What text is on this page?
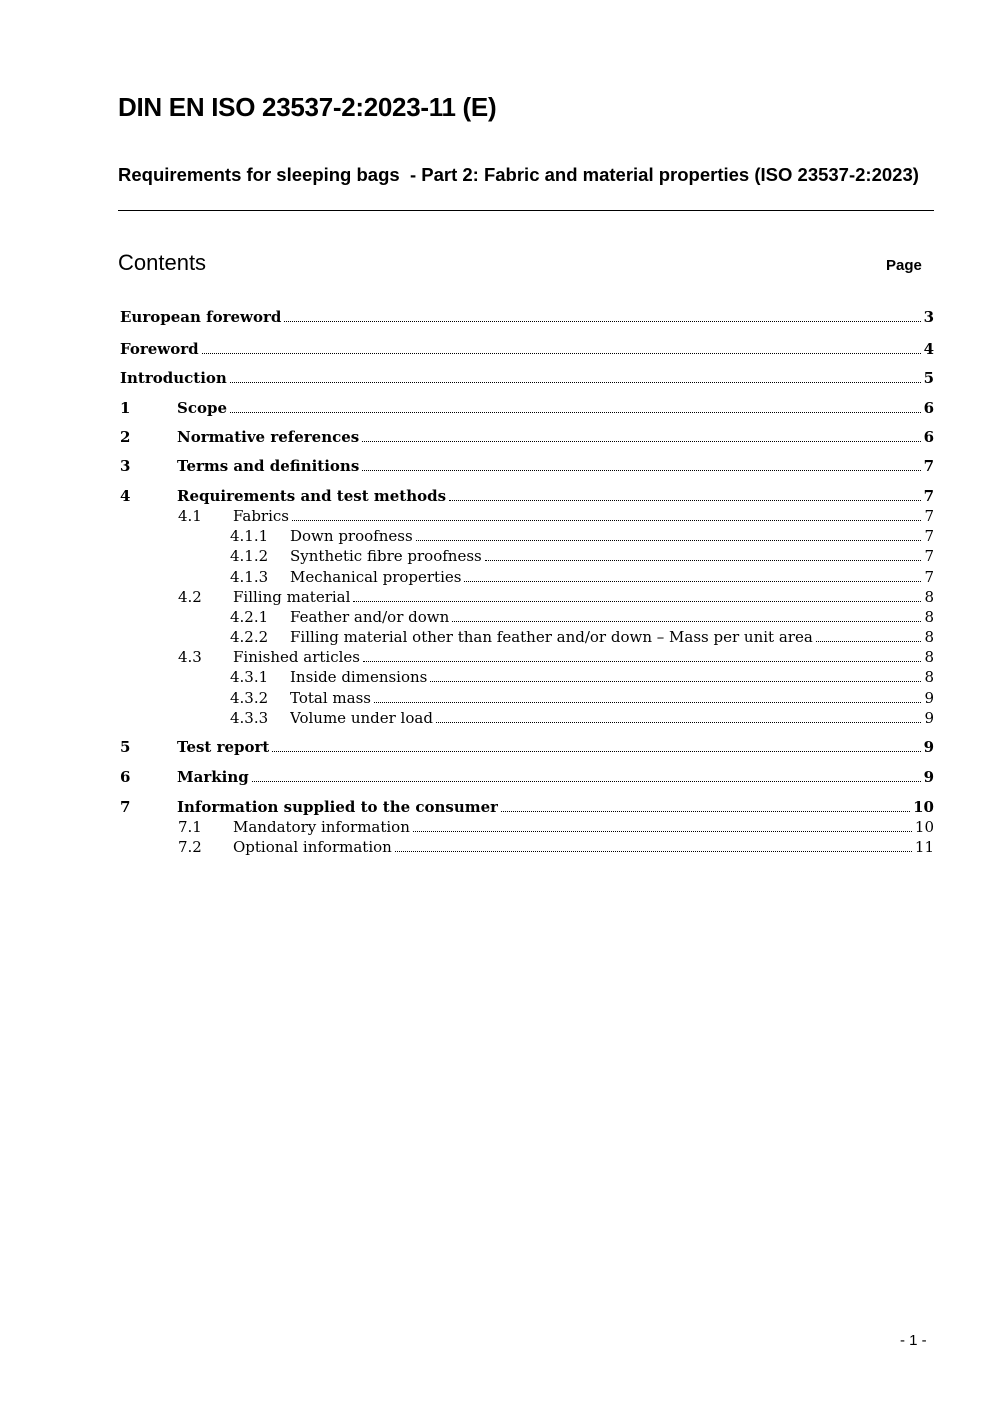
DIN EN ISO 23537-2:2023-11 (E)
Requirements for sleeping bags  - Part 2: Fabric and material properties (ISO 23537-2:2023)
Contents	Page
European foreword	3
Foreword	4
Introduction	5
1	Scope	6
2	Normative references	6
3	Terms and definitions	7
4	Requirements and test methods	7
4.1	Fabrics	7
4.1.1	Down proofness	7
4.1.2	Synthetic fibre proofness	7
4.1.3	Mechanical properties	7
4.2	Filling material	8
4.2.1	Feather and/or down	8
4.2.2	Filling material other than feather and/or down – Mass per unit area	8
4.3	Finished articles	8
4.3.1	Inside dimensions	8
4.3.2	Total mass	9
4.3.3	Volume under load	9
5	Test report	9
6	Marking	9
7	Information supplied to the consumer	10
7.1	Mandatory information	10
7.2	Optional information	11
- 1 -
